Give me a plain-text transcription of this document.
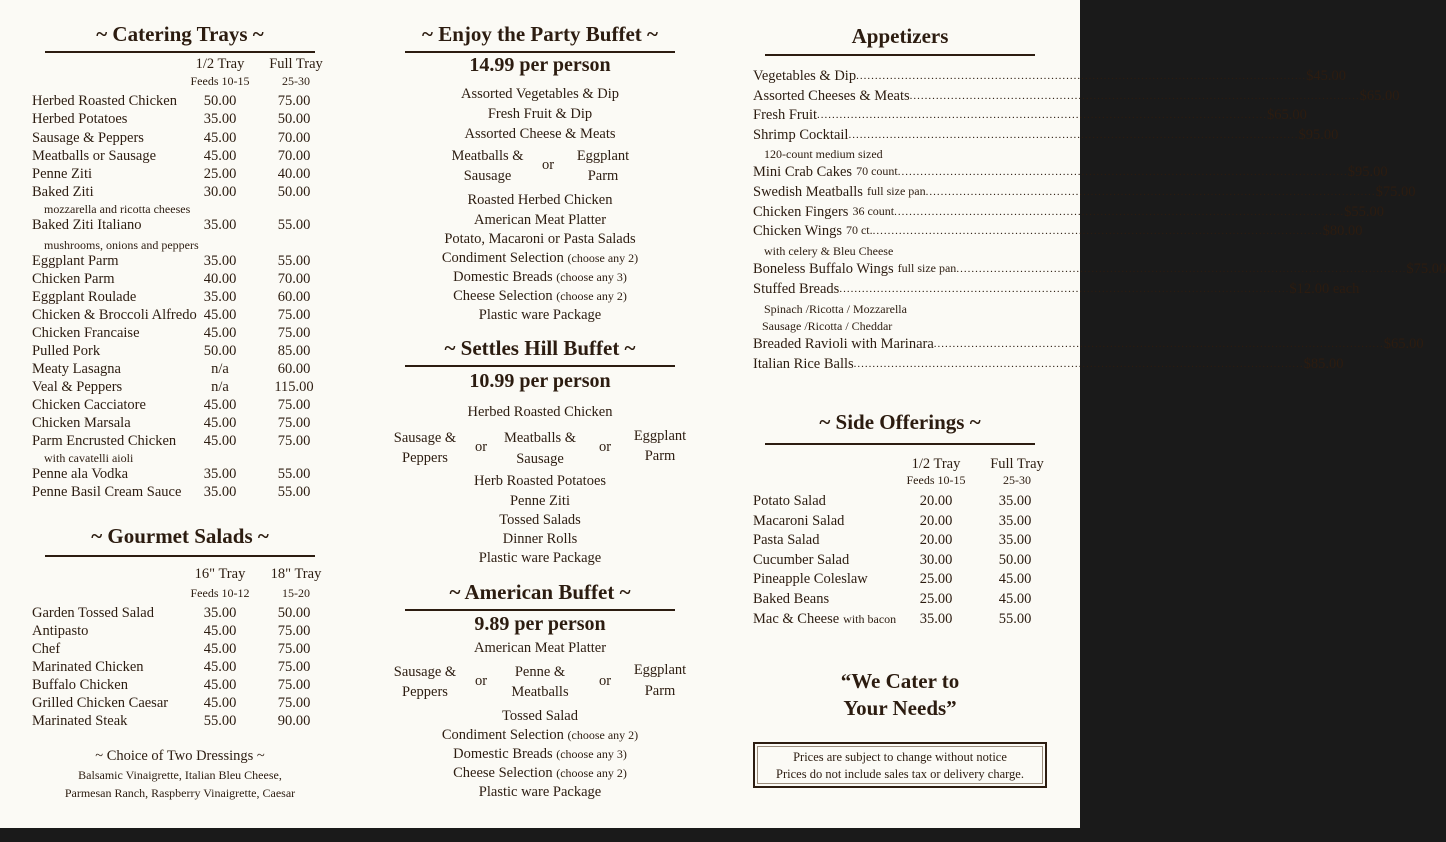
~ Catering Trays ~
1/2 Tray
Feeds 10-15
Full Tray
25-30
Herbed Roasted Chicken	50.00	75.00
Herbed Potatoes	35.00	50.00
Sausage & Peppers	45.00	70.00
Meatballs or Sausage	45.00	70.00
Penne Ziti	25.00	40.00
Baked Ziti	30.00	50.00
Baked Ziti Italiano	35.00	55.00
Eggplant Parm	35.00	55.00
Chicken Parm	40.00	70.00
Eggplant Roulade	35.00	60.00
Chicken & Broccoli Alfredo 45.00	75.00
Chicken Francaise	45.00	75.00
Pulled Pork	50.00	85.00
Meaty Lasagna	n/a	60.00
Veal & Peppers	n/a	115.00
Chicken Cacciatore	45.00	75.00
Chicken Marsala	45.00	75.00
Parm Encrusted Chicken	45.00	75.00
Penne ala Vodka	35.00	55.00
Penne Basil Cream Sauce	35.00	55.00
mozzarella and ricotta cheeses
mushrooms, onions and peppers
with cavatelli aioli
~ Gourmet Salads ~
16" Tray
Feeds 10-12
18" Tray
15-20
Garden Tossed Salad	35.00	50.00
Antipasto	45.00	75.00
Chef	45.00	75.00
Marinated Chicken	45.00	75.00
Buffalo Chicken	45.00	75.00
Grilled Chicken Caesar	45.00	75.00
Marinated Steak	55.00	90.00
~ Choice of Two Dressings ~
Balsamic Vinaigrette, Italian Bleu Cheese,
Parmesan Ranch, Raspberry Vinaigrette, Caesar
~ Enjoy the Party Buffet ~
14.99 per person
Assorted Vegetables & Dip
Fresh Fruit & Dip
Assorted Cheese & Meats
Meatballs &
Sausage
or
Eggplant
Parm
Roasted Herbed Chicken
American Meat Platter
Potato, Macaroni or Pasta Salads
Condiment Selection (choose any 2)
Domestic Breads (choose any 3)
Cheese Selection (choose any 2)
Plastic ware Package
~ Settles Hill Buffet ~
10.99 per person
Herbed Roasted Chicken
Sausage &
Peppers
or
Meatballs &
Sausage
or
Eggplant
Parm
Herb Roasted Potatoes
Penne Ziti
Tossed Salads
Dinner Rolls
Plastic ware Package
~ American Buffet ~
9.89 per person
American Meat Platter
Sausage &
Peppers
or
Penne &
Meatballs
or
Eggplant
Parm
Tossed Salad
Condiment Selection (choose any 2)
Domestic Breads (choose any 3)
Cheese Selection (choose any 2)
Plastic ware Package
Appetizers
Vegetables & Dip ........................................................................................................................ $45.00
Assorted Cheeses & Meats ........................................................................................................................ $65.00
Fresh Fruit ........................................................................................................................ $65.00
Shrimp Cocktail ........................................................................................................................ $95.00
Mini Crab Cakes 70 count ........................................................................................................................ $95.00
Swedish Meatballs full size pan ........................................................................................................................ $75.00
Chicken Fingers 36 count ........................................................................................................................ $55.00
Chicken Wings 70 ct. ........................................................................................................................ $80.00
Boneless Buffalo Wings full size pan ........................................................................................................................ $75.00
Stuffed Breads ........................................................................................................................ $12.00 each
Breaded Ravioli with Marinara ........................................................................................................................ $65.00
Italian Rice Balls ........................................................................................................................ $85.00
120-count medium sized
with celery & Bleu Cheese
Spinach /Ricotta / Mozzarella
Sausage /Ricotta / Cheddar
~ Side Offerings ~
1/2 Tray
Feeds 10-15
Full Tray
25-30
Potato Salad	20.00	35.00
Macaroni Salad	20.00	35.00
Pasta Salad	20.00	35.00
Cucumber Salad	30.00	50.00
Pineapple Coleslaw	25.00	45.00
Baked Beans	25.00	45.00
Mac & Cheese with bacon	35.00	55.00
“We Cater to
Your Needs”
Prices are subject to change without notice
Prices do not include sales tax or delivery charge.
